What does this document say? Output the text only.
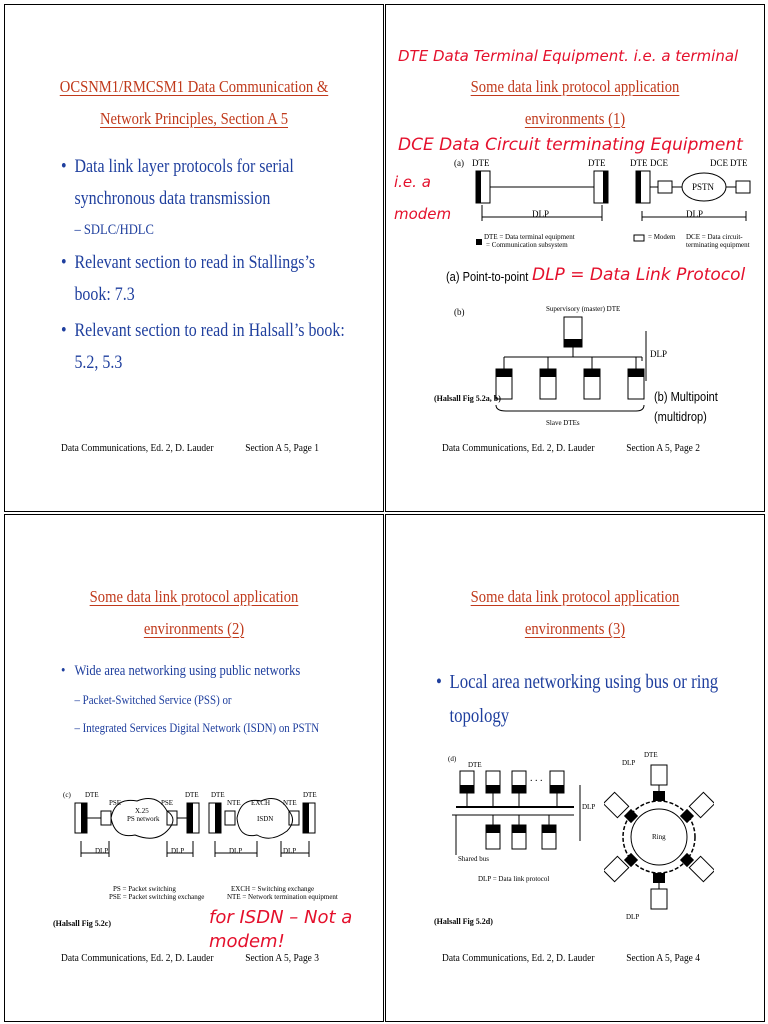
OCSNM1/RMCSM1 Data Communication &
Network Principles, Section A 5
• Data link layer protocols for serial synchronous data transmission
– SDLC/HDLC
• Relevant section to read in Stallings’s book: 7.3
• Relevant section to read in Halsall’s book: 5.2, 5.3
Data Communications, Ed. 2, D. Lauder	Section A 5, Page 1
DTE Data Terminal Equipment. i.e. a terminal
Some data link protocol application
environments (1)
DCE Data Circuit terminating Equipment
i.e. a
modem
(a) DTE	DTE	DTE DCE	DCE DTE
PSTN
DLP	DLP
DTE = Data terminal equipment
= Communication subsystem
= Modem DCE = Data circuit-terminating equipment
(a) Point-to-point DLP = Data Link Protocol
(b)	Supervisory (master) DTE
DLP
Slave DTEs
(Halsall Fig 5.2a, b)	(b) Multipoint
(multidrop)
Data Communications, Ed. 2, D. Lauder	Section A 5, Page 2
Some data link protocol application
environments (2)
• Wide area networking using public networks
– Packet-Switched Service (PSS) or
– Integrated Services Digital Network (ISDN) on PSTN
(c) DTE
PSE
X.25
PS network
PSE
DTE DTE
NTE EXCH
ISDN
NTE
DTE
DLP	DLP	DLP	DLP
PS = Packet switching
PSE = Packet switching exchange
EXCH = Switching exchange
NTE = Network termination equipment
for ISDN – Not a
modem!
(Halsall Fig 5.2c)
Data Communications, Ed. 2, D. Lauder	Section A 5, Page 3
Some data link protocol application
environments (3)
• Local area networking using bus or ring topology
(d)
DTE
. . .
DLP
Shared bus
DLP = Data link protocol
DTE
DLP
Ring
DLP
(Halsall Fig 5.2d)
Data Communications, Ed. 2, D. Lauder	Section A 5, Page 4
